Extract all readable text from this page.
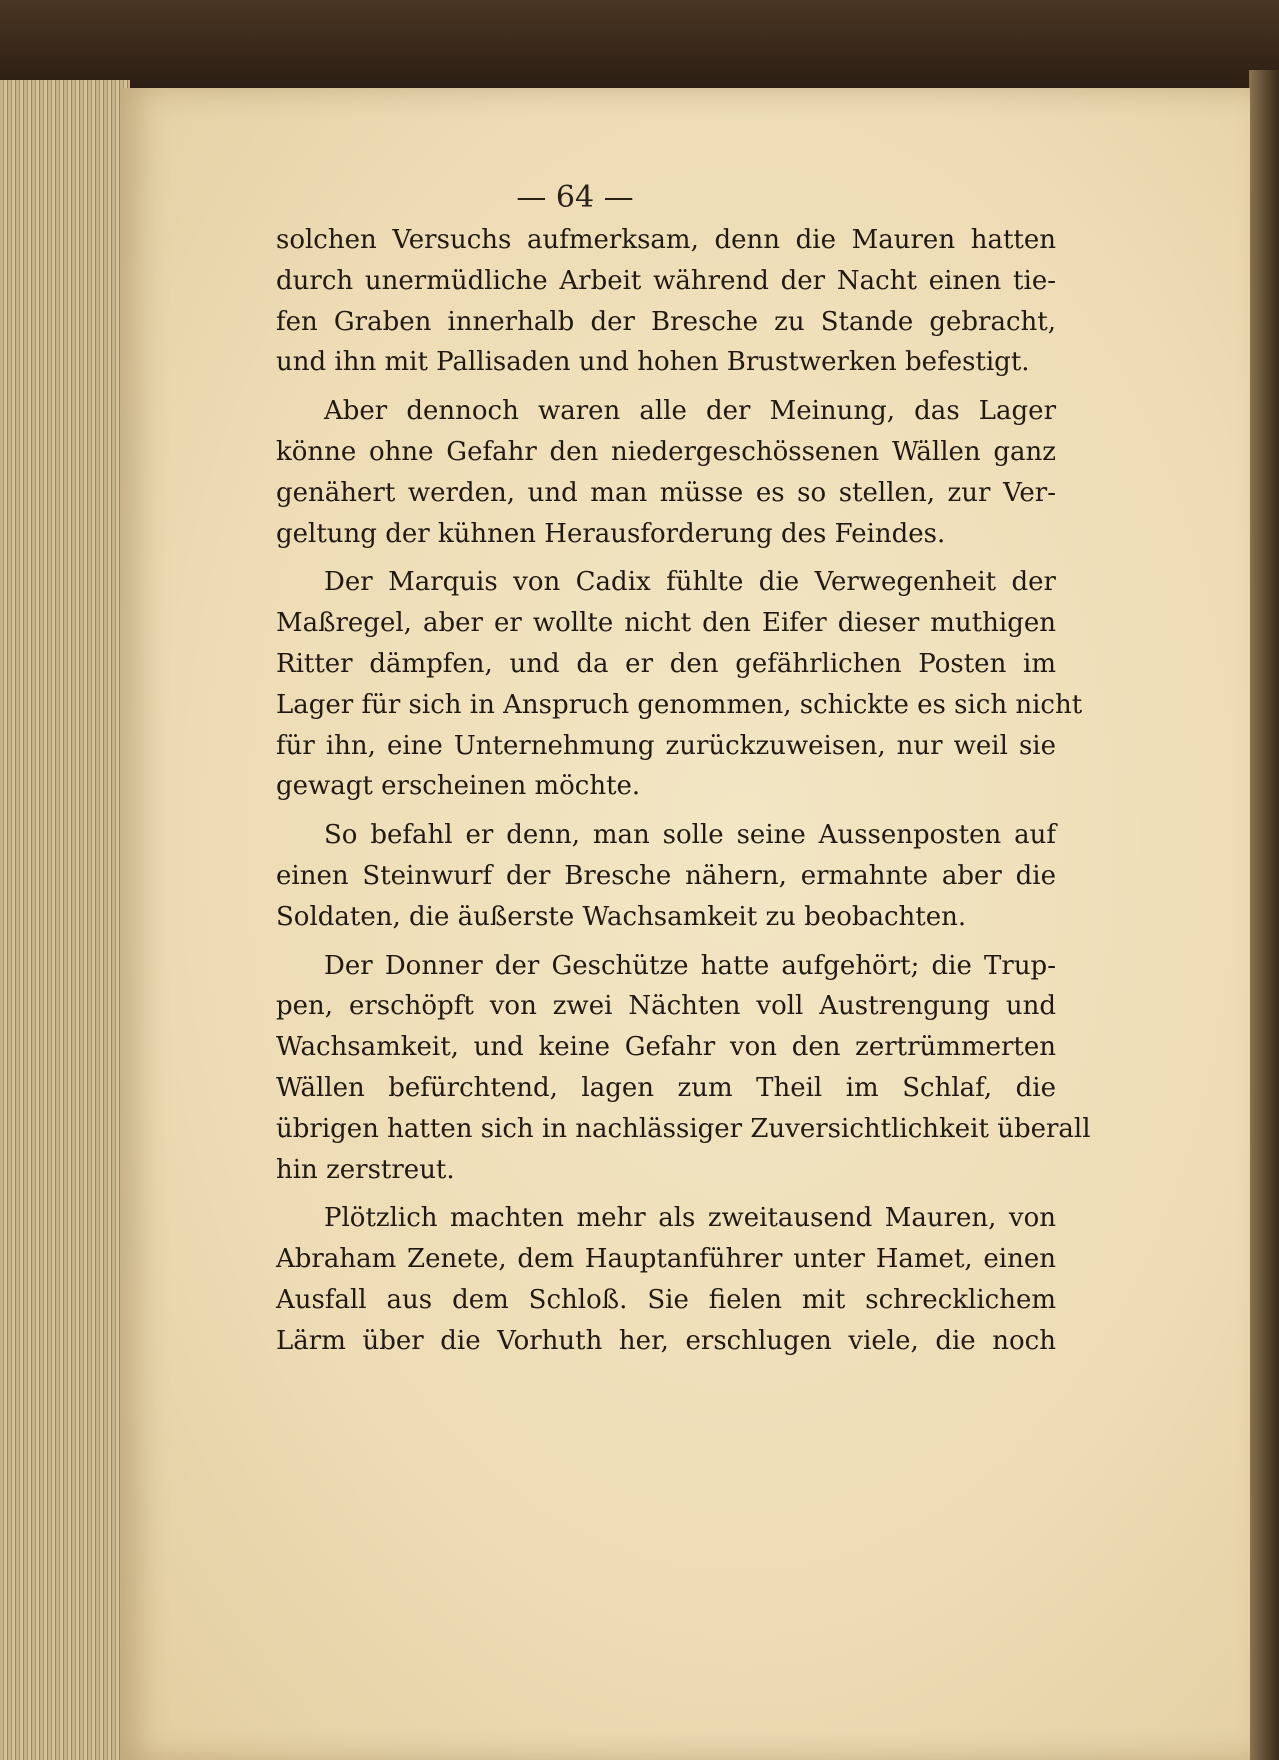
— 64 —
solchen Versuchs aufmerksam, denn die Mauren hatten
durch unermüdliche Arbeit während der Nacht einen tie-
fen Graben innerhalb der Bresche zu Stande gebracht,
und ihn mit Pallisaden und hohen Brustwerken befestigt.
Aber dennoch waren alle der Meinung, das Lager
könne ohne Gefahr den niedergeschössenen Wällen ganz
genähert werden, und man müsse es so stellen, zur Ver-
geltung der kühnen Herausforderung des Feindes.
Der Marquis von Cadix fühlte die Verwegenheit der
Maßregel, aber er wollte nicht den Eifer dieser muthigen
Ritter dämpfen, und da er den gefährlichen Posten im
Lager für sich in Anspruch genommen, schickte es sich nicht
für ihn, eine Unternehmung zurückzuweisen, nur weil sie
gewagt erscheinen möchte.
So befahl er denn, man solle seine Aussenposten auf
einen Steinwurf der Bresche nähern, ermahnte aber die
Soldaten, die äußerste Wachsamkeit zu beobachten.
Der Donner der Geschütze hatte aufgehört; die Trup-
pen, erschöpft von zwei Nächten voll Austrengung und
Wachsamkeit, und keine Gefahr von den zertrümmerten
Wällen befürchtend, lagen zum Theil im Schlaf, die
übrigen hatten sich in nachlässiger Zuversichtlichkeit überall
hin zerstreut.
Plötzlich machten mehr als zweitausend Mauren, von
Abraham Zenete, dem Hauptanführer unter Hamet, einen
Ausfall aus dem Schloß. Sie fielen mit schrecklichem
Lärm über die Vorhuth her, erschlugen viele, die noch
